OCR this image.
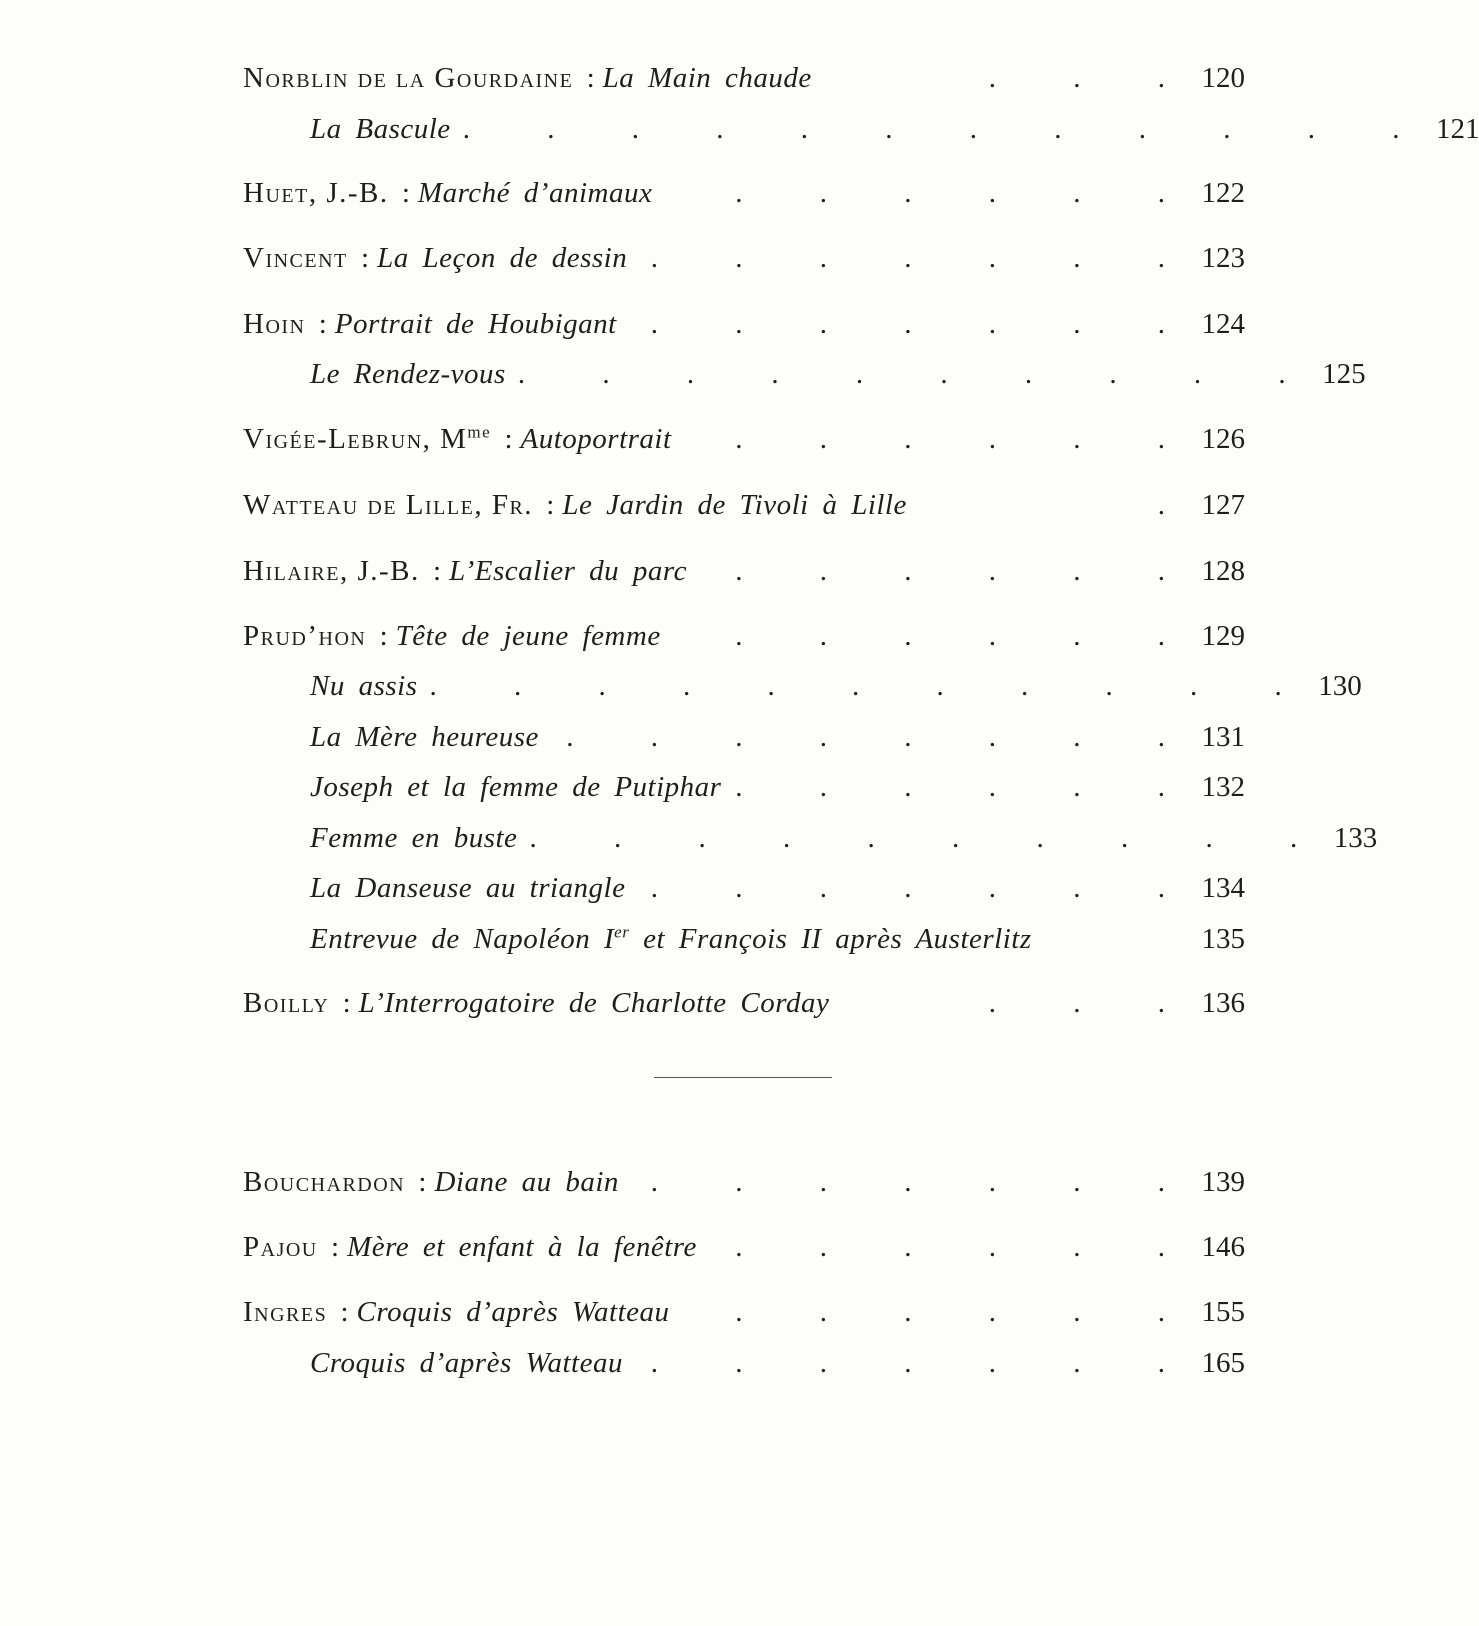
Norblin de la Gourdaine : La Main chaude	. . .	120
La Bascule . . . . . . . . . . . .	121
Huet, J.-B. : Marché d’animaux	. . . . . .	122
Vincent : La Leçon de dessin . . . . . . .	123
Hoin : Portrait de Houbigant	. . . . . . .	124
Le Rendez-vous . . . . . . . . . .	125
Vigée-Lebrun, $M^{me}$ : Autoportrait	. . . . . .	126
Watteau de Lille, Fr. : Le Jardin de Tivoli à Lille	.	127
Hilaire, J.-B. : L’Escalier du parc	. . . . . .	128
Prud’hon : Tête de jeune femme	. . . . . .	129
Nu assis . . . . . . . . . . .	130
La Mère heureuse . . . . . . . .	131
Joseph et la femme de Putiphar . . . . . .	132
Femme en buste . . . . . . . . . .	133
La Danseuse au triangle . . . . . . .	134
Entrevue de Napoléon Ier et François II après Austerlitz	135
Boilly : L’Interrogatoire de Charlotte Corday	. . .	136
Bouchardon : Diane au bain	. . . . . . .	139
Pajou : Mère et enfant à la fenêtre	. . . . . .	146
Ingres : Croquis d’après Watteau	. . . . . .	155
Croquis d’après Watteau . . . . . . .	165
